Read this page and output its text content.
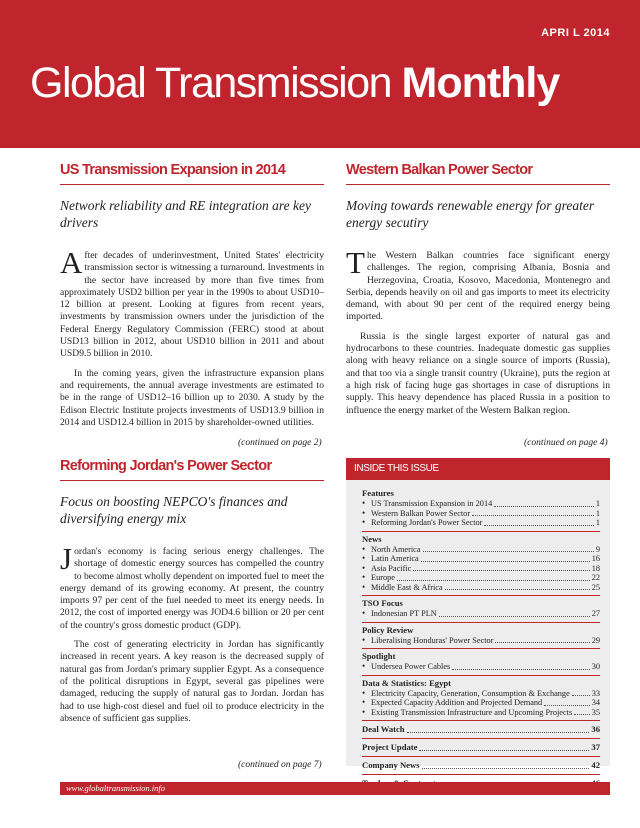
APRI L 2014
Global Transmission Monthly
US Transmission Expansion in 2014

Network reliability and RE integration are key drivers

After decades of underinvestment, United States' electricity transmission sector is witnessing a turnaround. Investments in the sector have increased by more than five times from approximately USD2 billion per year in the 1990s to about USD10–12 billion at present. Looking at figures from recent years, investments by transmission owners under the jurisdiction of the Federal Energy Regulatory Commission (FERC) stood at about USD13 billion in 2012, about USD10 billion in 2011 and about USD9.5 billion in 2010.

In the coming years, given the infrastructure expansion plans and requirements, the annual average investments are estimated to be in the range of USD12–16 billion up to 2030. A study by the Edison Electric Institute projects investments of USD13.9 billion in 2014 and USD12.4 billion in 2015 by shareholder-owned utilities.

(continued on page 2)
Western Balkan Power Sector

Moving towards renewable energy for greater energy secutiry

The Western Balkan countries face significant energy challenges. The region, comprising Albania, Bosnia and Herzegovina, Croatia, Kosovo, Macedonia, Montenegro and Serbia, depends heavily on oil and gas imports to meet its electricity demand, with about 90 per cent of the required energy being imported.

Russia is the single largest exporter of natural gas and hydrocarbons to these countries. Inadequate domestic gas supplies along with heavy reliance on a single source of imports (Russia), and that too via a single transit country (Ukraine), puts the region at a high risk of facing huge gas shortages in case of disruptions in supply. This heavy dependence has placed Russia in a position to influence the energy market of the Western Balkan region.

(continued on page 4)
Reforming Jordan's Power Sector

Focus on boosting NEPCO's finances and diversifying energy mix

Jordan's economy is facing serious energy challenges. The shortage of domestic energy sources has compelled the country to become almost wholly dependent on imported fuel to meet the energy demand of its growing economy. At present, the country imports 97 per cent of the fuel needed to meet its energy needs. In 2012, the cost of imported energy was JOD4.6 billion or 20 per cent of the country's gross domestic product (GDP).

The cost of generating electricity in Jordan has significantly increased in recent years. A key reason is the decreased supply of natural gas from Jordan's primary supplier Egypt. As a consequence of the political disruptions in Egypt, several gas pipelines were damaged, reducing the supply of natural gas to Jordan. Jordan has had to use high-cost diesel and fuel oil to produce electricity in the absence of sufficient gas supplies.

(continued on page 7)
INSIDE THIS ISSUE
Features
• US Transmission Expansion in 2014	1
• Western Balkan Power Sector	1
• Reforming Jordan's Power Sector	1
News
• North America	9
• Latin America	16
• Asia Pacific	18
• Europe	22
• Middle East & Africa	25
TSO Focus
• Indonesian PT PLN	27
Policy Review
• Liberalising Honduras' Power Sector	29
Spotlight
• Undersea Power Cables	30
Data & Statistics: Egypt
• Electricity Capacity, Generation, Consumption & Exchange	33
• Expected Capacity Addition and Projected Demand	34
• Existing Transmission Infrastructure and Upcoming Projects 35
Deal Watch	36
Project Update	37
Company News	42
www.globaltransmission.info
